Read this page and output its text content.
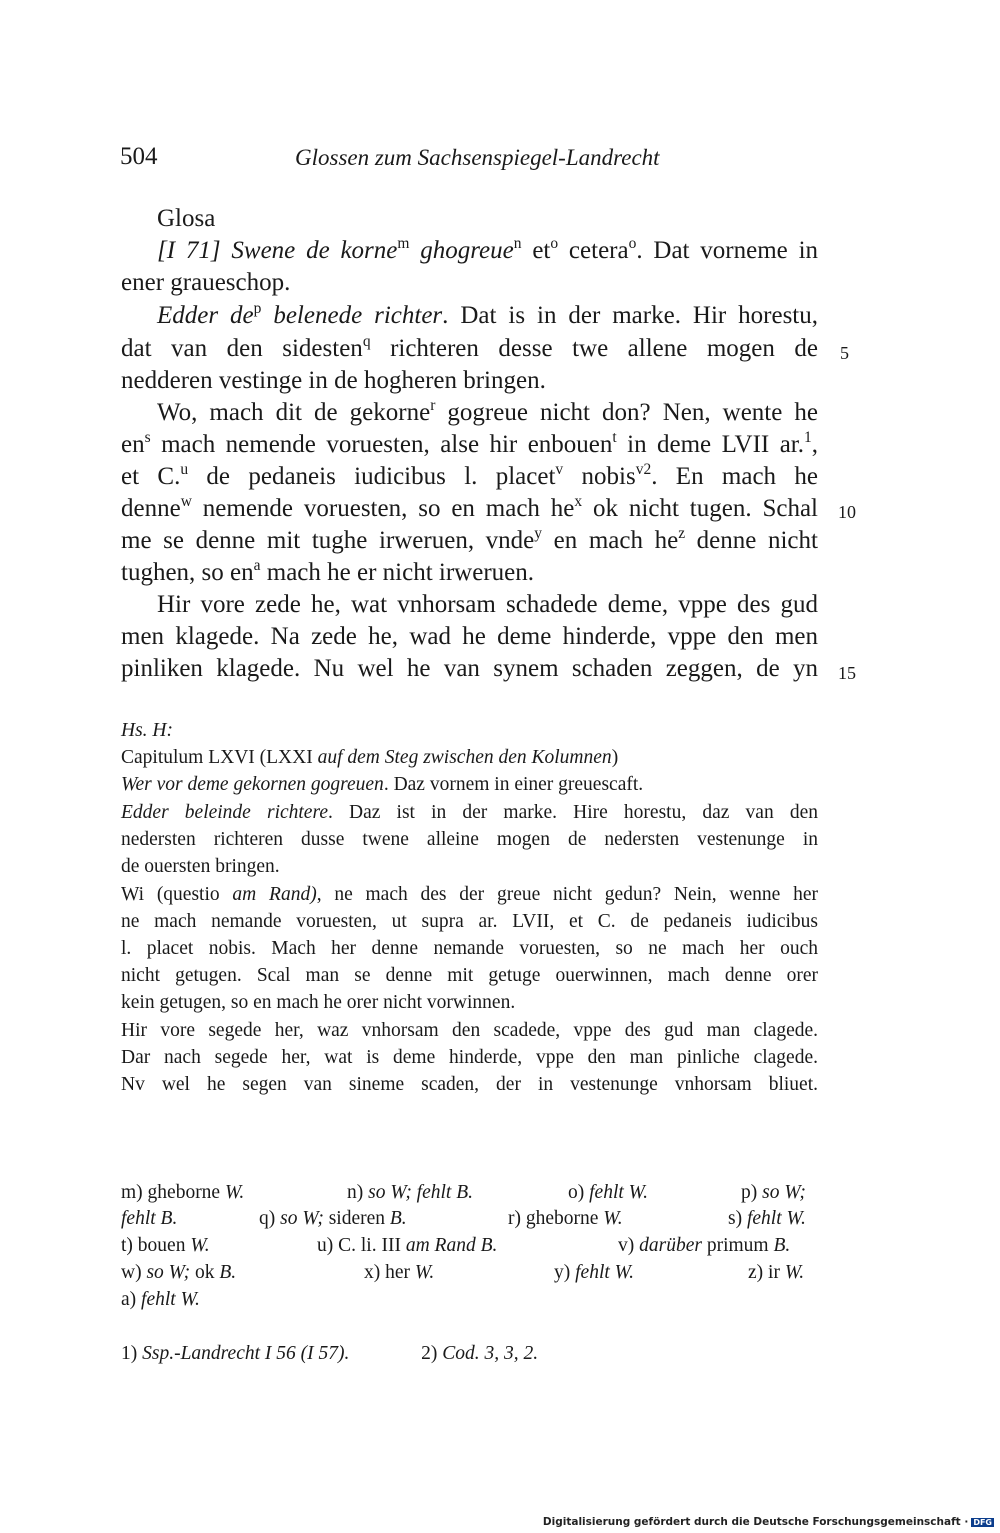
504	Glossen zum Sachsenspiegel-Landrecht
Glosa
[I 71] Swene de korne$^m$ ghogreue$^n$ $et^o$ cetera$^o$. Dat vorneme in
ener graueschop.
Edder $de^p$ belenede richter. Dat is in der marke. Hir horestu,
dat van den sidesten$^q$ richteren desse twe allene mogen de
nedderen vestinge in de hogheren bringen.
Wo, mach dit de gekorne$^r$ gogreue nicht don? Nen, wente he
$en^s$ mach nemende voruesten, alse hir enbouen$^t$ in deme LVII ar.$^1$,
et C.$^u$ de pedaneis iudicibus l. placet$^v$ nobis$^{v2}$. En mach he
denne$^w$ nemende voruesten, so en mach $he^x$ ok nicht tugen. Schal
me se denne mit tughe irweruen, vnde$^y$ en mach $he^z$ denne nicht
tughen, so $en^a$ mach he er nicht irweruen.
Hir vore zede he, wat vnhorsam schadede deme, vppe des gud
men klagede. Na zede he, wad he deme hinderde, vppe den men
pinliken klagede. Nu wel he van synem schaden zeggen, de yn
5
10
15
Hs. H:
Capitulum LXVI (LXXI auf dem Steg zwischen den Kolumnen)
Wer vor deme gekornen gogreuen. Daz vornem in einer greuescaft.
Edder beleinde richtere. Daz ist in der marke. Hire horestu, daz van den
nedersten richteren dusse twene alleine mogen de nedersten vestenunge in
de ouersten bringen.
Wi (questio am Rand), ne mach des der greue nicht gedun? Nein, wenne her
ne mach nemande voruesten, ut supra ar. LVII, et C. de pedaneis iudicibus
l. placet nobis. Mach her denne nemande voruesten, so ne mach her ouch
nicht getugen. Scal man se denne mit getuge ouerwinnen, mach denne orer
kein getugen, so en mach he orer nicht vorwinnen.
Hir vore segede her, waz vnhorsam den scadede, vppe des gud man clagede.
Dar nach segede her, wat is deme hinderde, vppe den man pinliche clagede.
Nv wel he segen van sineme scaden, der in vestenunge vnhorsam bliuet.
m) gheborne W.	n) so W; fehlt B.	o) fehlt W.	p) so W;
fehlt B.	q) so W; sideren B.	r) gheborne W.	s) fehlt W.
t) bouen W.	u) C. li. III am Rand B.	v) darüber primum B.
w) so W; ok B.	x) her W.	y) fehlt W.	z) ir W.
a) fehlt W.
1) Ssp.-Landrecht I 56 (I 57).	2) Cod. 3, 3, 2.
Digitalisierung gefördert durch die Deutsche Forschungsgemeinschaft · DFG
